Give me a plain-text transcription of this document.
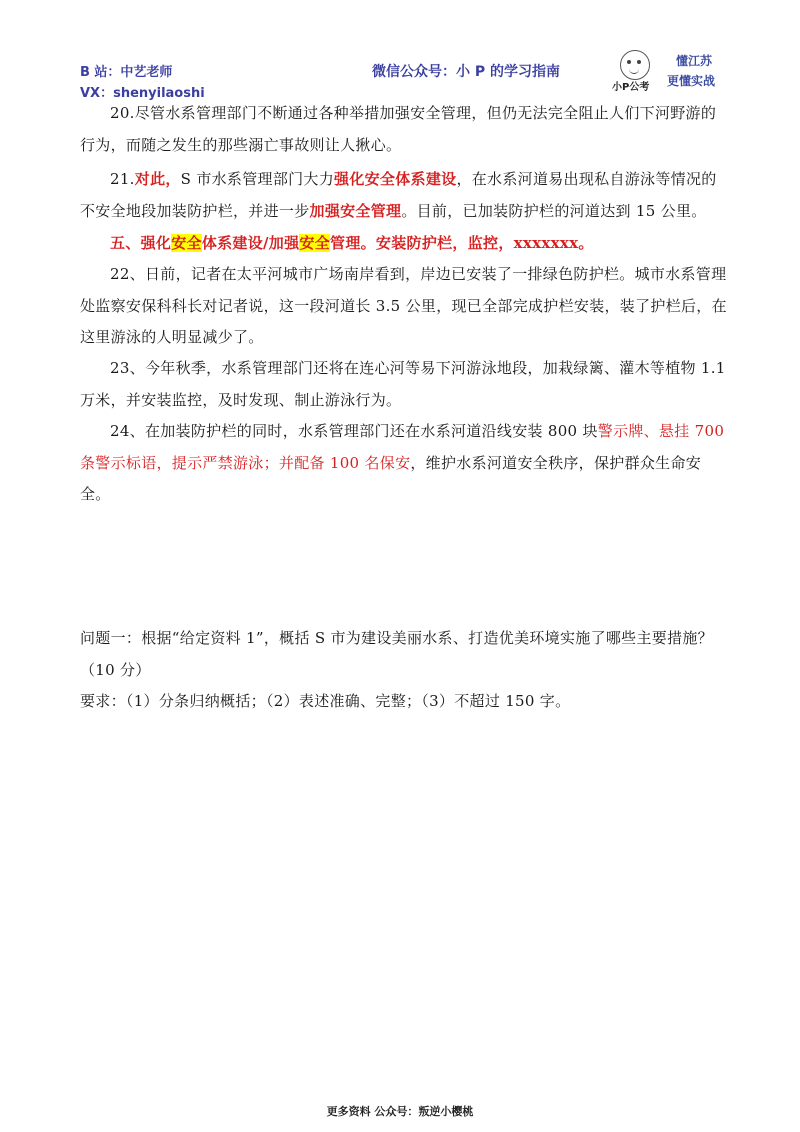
B 站：中艺老师
VX：shenyilaoshi
微信公众号：小 P 的学习指南
小P公考
懂江苏
更懂实战

20.尽管水系管理部门不断通过各种举措加强安全管理，但仍无法完全阻止人们下河野游的行为，而随之发生的那些溺亡事故则让人揪心。

21.对此，S 市水系管理部门大力强化安全体系建设，在水系河道易出现私自游泳等情况的不安全地段加装防护栏，并进一步加强安全管理。目前，已加装防护栏的河道达到 15 公里。

五、强化安全体系建设/加强安全管理。安装防护栏，监控，xxxxxxx。

22、日前，记者在太平河城市广场南岸看到，岸边已安装了一排绿色防护栏。城市水系管理处监察安保科科长对记者说，这一段河道长 3.5 公里，现已全部完成护栏安装，装了护栏后，在这里游泳的人明显减少了。

23、今年秋季，水系管理部门还将在连心河等易下河游泳地段，加栽绿篱、灌木等植物 1.1 万米，并安装监控，及时发现、制止游泳行为。

24、在加装防护栏的同时，水系管理部门还在水系河道沿线安装 800 块警示牌、悬挂 700 条警示标语，提示严禁游泳；并配备 100 名保安，维护水系河道安全秩序，保护群众生命安全。

问题一：根据“给定资料 1”，概括 S 市为建设美丽水系、打造优美环境实施了哪些主要措施？（10 分）

要求：（1）分条归纳概括；（2）表述准确、完整；（3）不超过 150 字。

更多资料 公众号：叛逆小樱桃
